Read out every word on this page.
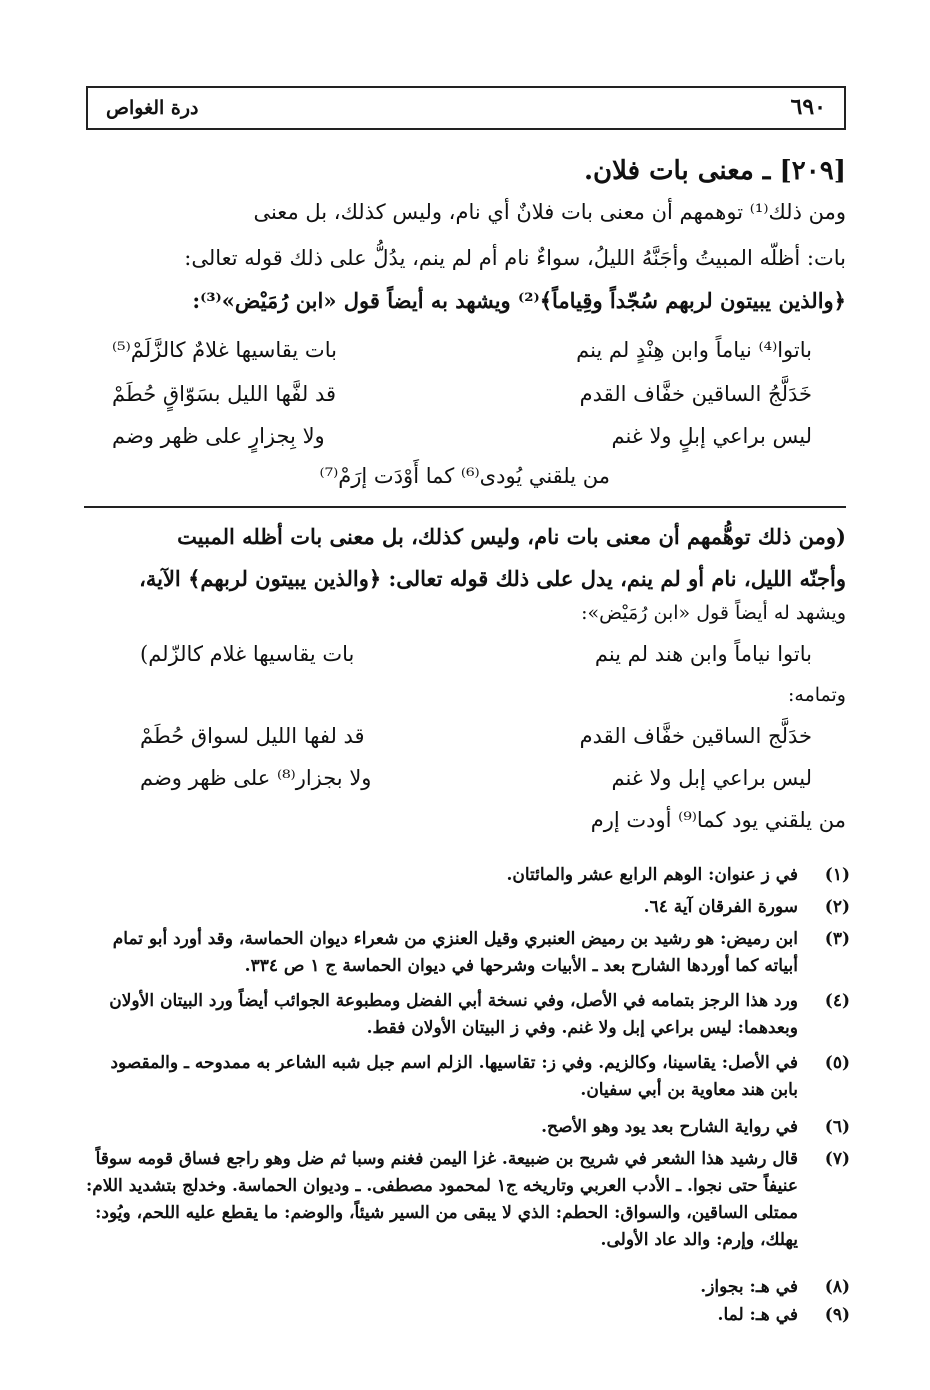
٦٩٠
درة الغواص
[٢٠٩] ـ معنى بات فلان.
ومن ذلك⁽¹⁾ توهمهم أن معنى بات فلانٌ أي نام، وليس كذلك، بل معنى
بات: أظلّه المبيتُ وأجَنَّهُ الليلُ، سواءٌ نام أم لم ينم، يدُلُّ على ذلك قوله تعالى:
﴿والذين يبيتون لربهم سُجّداً وقِياماً﴾⁽²⁾ ويشهد به أيضاً قول «ابن رُمَيْض»⁽³⁾:
باتوا⁽⁴⁾ نياماً وابن هِنْدٍ لم ينم
بات يقاسيها غلامٌ كالزَّلَمْ⁽⁵⁾
خَدَلَّجُ الساقين خفَّاف القدم
قد لفَّها الليل بسَوّاقٍ حُطَمْ
ليس براعي إبلٍ ولا غنم
ولا بِجزارٍ على ظهر وضم
من يلقني يُودى⁽⁶⁾ كما أَوْدَت إرَمْ⁽⁷⁾
(ومن ذلك توهُّمهم أن معنى بات نام، وليس كذلك، بل معنى بات أظله المبيت
وأجنّه الليل، نام أو لم ينم، يدل على ذلك قوله تعالى: ﴿والذين يبيتون لربهم﴾ الآية،
ويشهد له أيضاً قول «ابن رُمَيْض»:
باتوا نياماً وابن هند لم ينم
بات يقاسيها غلام كالزّلم)
وتمامه:
خدَلَّج الساقين خفَّاف القدم
قد لفها الليل لسواق حُطَمْ
ليس براعي إبل ولا غنم
ولا بجزار⁽⁸⁾ على ظهر وضم
من يلقني يود كما⁽⁹⁾ أودت إرم
(١)
في ز عنوان: الوهم الرابع عشر والمائتان.
(٢)
سورة الفرقان آية ٦٤.
(٣)
ابن رميض: هو رشيد بن رميض العنبري وقيل العنزي من شعراء ديوان الحماسة، وقد أورد أبو تمام أبياته كما أوردها الشارح بعد ـ الأبيات وشرحها في ديوان الحماسة ج ١ ص ٣٣٤.
(٤)
ورد هذا الرجز بتمامه في الأصل، وفي نسخة أبي الفضل ومطبوعة الجوائب أيضاً ورد البيتان الأولان وبعدهما: ليس براعي إبل ولا غنم. وفي ز البيتان الأولان فقط.
(٥)
في الأصل: يقاسينا، وكالزيم. وفي ز: تقاسيها. الزلم اسم جبل شبه الشاعر به ممدوحه ـ والمقصود بابن هند معاوية بن أبي سفيان.
(٦)
في رواية الشارح بعد يود وهو الأصح.
(٧)
قال رشيد هذا الشعر في شريح بن ضبيعة. غزا اليمن فغنم وسبا ثم ضل وهو راجع فساق قومه سوقاً عنيفاً حتى نجوا. ـ الأدب العربي وتاريخه ج١ لمحمود مصطفى. ـ وديوان الحماسة. وخدلج بتشديد اللام: ممتلى الساقين، والسواق: الحطم: الذي لا يبقى من السير شيئاً، والوضم: ما يقطع عليه اللحم، ويُود: يهلك، وإرم: والد عاد الأولى.
(٨)
في هـ: بجواز.
(٩)
في هـ: لما.
